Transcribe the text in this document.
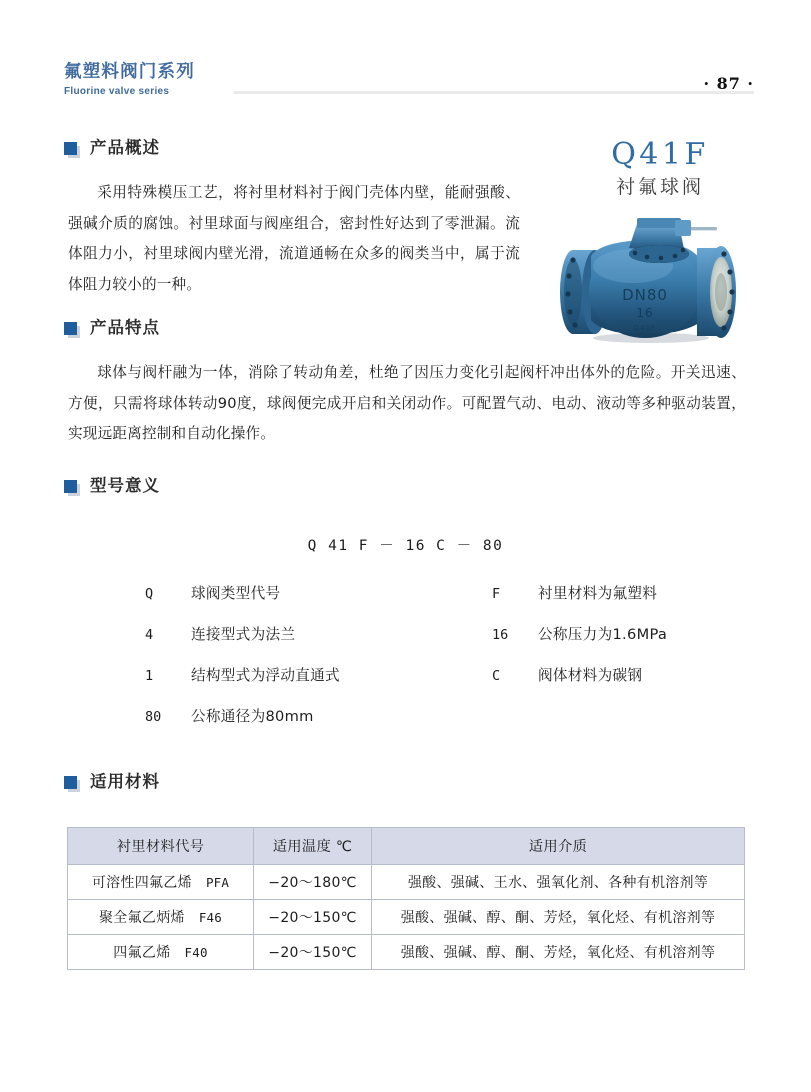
氟塑料阀门系列
Fluorine valve series	· 87 ·
Q41F
衬氟球阀
DN80
16
Q41F
产品概述
采用特殊模压工艺，将衬里材料衬于阀门壳体内壁，能耐强酸、强碱介质的腐蚀。衬里球面与阀座组合，密封性好达到了零泄漏。流体阻力小，衬里球阀内壁光滑，流道通畅在众多的阀类当中，属于流体阻力较小的一种。
产品特点
球体与阀杆融为一体，消除了转动角差，杜绝了因压力变化引起阀杆冲出体外的危险。开关迅速、方便，只需将球体转动90度，球阀便完成开启和关闭动作。可配置气动、电动、液动等多种驱动装置，实现远距离控制和自动化操作。
型号意义
Q 41 F － 16 C － 80
Q	球阀类型代号
4	连接型式为法兰
1	结构型式为浮动直通式
80	公称通径为80mm
F	衬里材料为氟塑料
16	公称压力为1.6MPa
C	阀体材料为碳钢
适用材料
衬里材料代号	适用温度 ℃	适用介质

可溶性四氟乙烯 PFA	−20～180℃	强酸、强碱、王水、强氧化剂、各种有机溶剂等

聚全氟乙炳烯 F46	−20～150℃	强酸、强碱、醇、酮、芳烃，氧化烃、有机溶剂等

四氟乙烯 F40	−20～150℃	强酸、强碱、醇、酮、芳烃，氧化烃、有机溶剂等
